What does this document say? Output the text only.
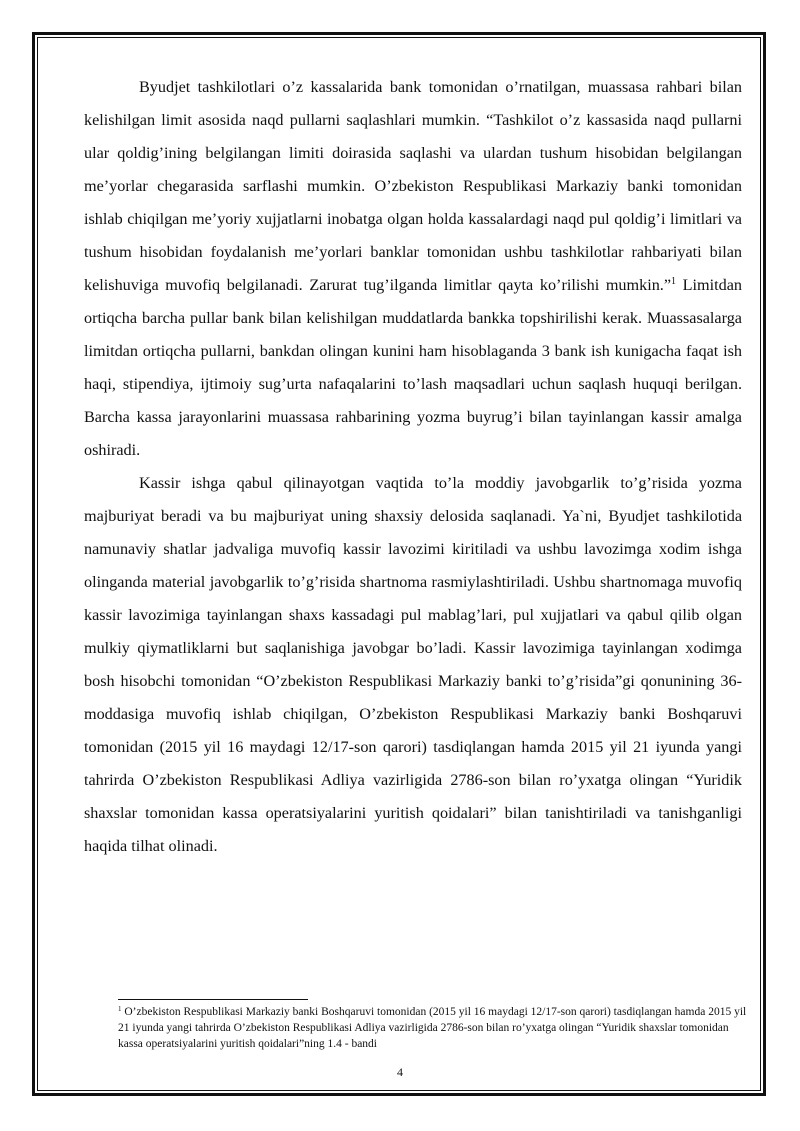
Byudjet tashkilotlari o’z kassalarida bank tomonidan o’rnatilgan, muassasa rahbari bilan kelishilgan limit asosida naqd pullarni saqlashlari mumkin. “Tashkilot o’z kassasida naqd pullarni ular qoldig’ining belgilangan limiti doirasida saqlashi va ulardan tushum hisobidan belgilangan me’yorlar chegarasida sarflashi mumkin. O’zbekiston Respublikasi Markaziy banki tomonidan ishlab chiqilgan me’yoriy xujjatlarni inobatga olgan holda kassalardagi naqd pul qoldig’i limitlari va tushum hisobidan foydalanish me’yorlari banklar tomonidan ushbu tashkilotlar rahbariyati bilan kelishuviga muvofiq belgilanadi. Zarurat tug’ilganda limitlar qayta ko’rilishi mumkin.”$^1$ Limitdan ortiqcha barcha pullar bank bilan kelishilgan muddatlarda bankka topshirilishi kerak. Muassasalarga limitdan ortiqcha pullarni, bankdan olingan kunini ham hisoblaganda 3 bank ish kunigacha faqat ish haqi, stipendiya, ijtimoiy sug’urta nafaqalarini to’lash maqsadlari uchun saqlash huquqi berilgan. Barcha kassa jarayonlarini muassasa rahbarining yozma buyrug’i bilan tayinlangan kassir amalga oshiradi.

Kassir ishga qabul qilinayotgan vaqtida to’la moddiy javobgarlik to’g’risida yozma majburiyat beradi va bu majburiyat uning shaxsiy delosida saqlanadi. Ya`ni, Byudjet tashkilotida namunaviy shatlar jadvaliga muvofiq kassir lavozimi kiritiladi va ushbu lavozimga xodim ishga olinganda material javobgarlik to’g’risida shartnoma rasmiylashtiriladi. Ushbu shartnomaga muvofiq kassir lavozimiga tayinlangan shaxs kassadagi pul mablag’lari, pul xujjatlari va qabul qilib olgan mulkiy qiymatliklarni but saqlanishiga javobgar bo’ladi. Kassir lavozimiga tayinlangan xodimga bosh hisobchi tomonidan “O’zbekiston Respublikasi Markaziy banki to’g’risida”gi qonunining 36-moddasiga muvofiq ishlab chiqilgan, O’zbekiston Respublikasi Markaziy banki Boshqaruvi tomonidan (2015 yil 16 maydagi 12/17-son qarori) tasdiqlangan hamda 2015 yil 21 iyunda yangi tahrirda O’zbekiston Respublikasi Adliya vazirligida 2786-son bilan ro’yxatga olingan “Yuridik shaxslar tomonidan kassa operatsiyalarini yuritish qoidalari” bilan tanishtiriladi va tanishganligi haqida tilhat olinadi.

$^1$ O’zbekiston Respublikasi Markaziy banki Boshqaruvi tomonidan (2015 yil 16 maydagi 12/17-son qarori) tasdiqlangan hamda 2015 yil 21 iyunda yangi tahrirda O’zbekiston Respublikasi Adliya vazirligida 2786-son bilan ro’yxatga olingan “Yuridik shaxslar tomonidan kassa operatsiyalarini yuritish qoidalari”ning 1.4 - bandi
4
